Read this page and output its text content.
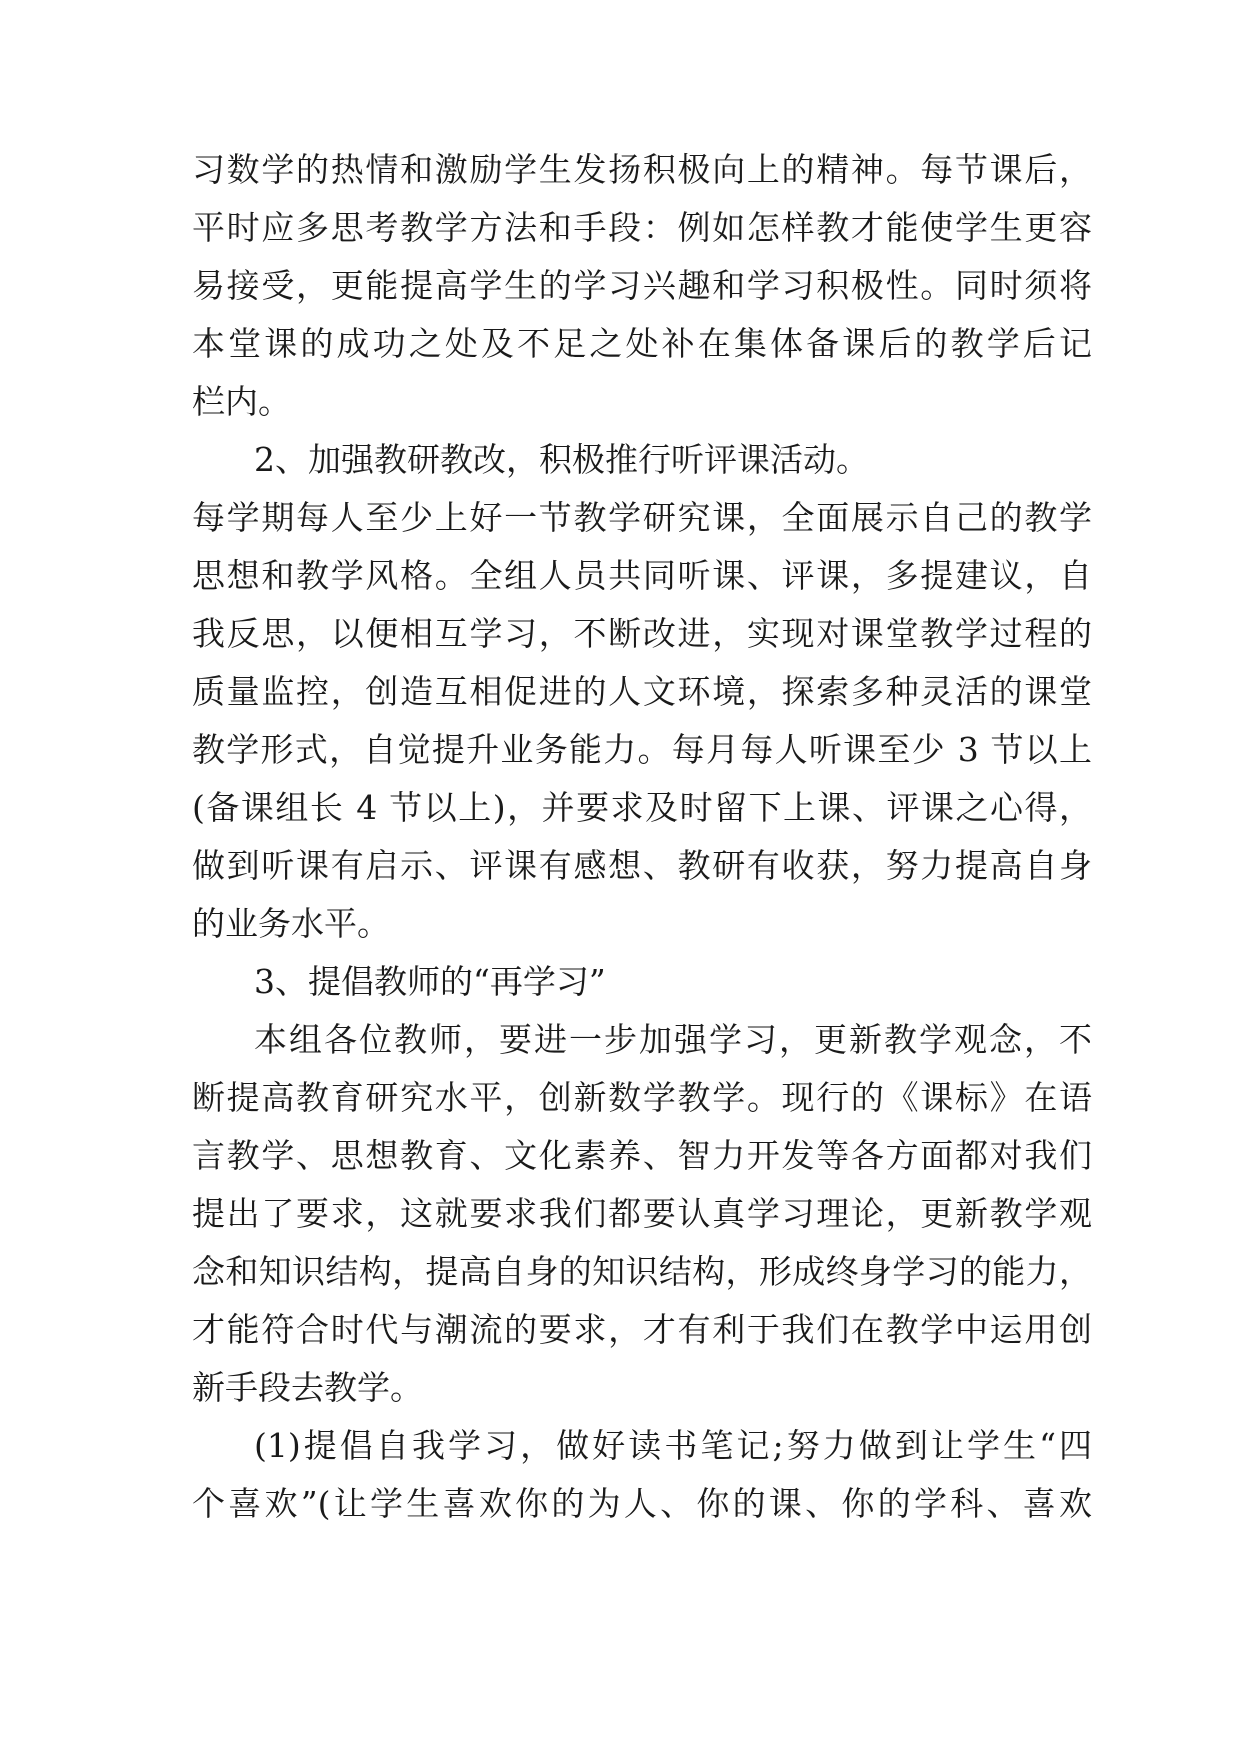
习数学的热情和激励学生发扬积极向上的精神。每节课后，
平时应多思考教学方法和手段：例如怎样教才能使学生更容
易接受，更能提高学生的学习兴趣和学习积极性。同时须将
本堂课的成功之处及不足之处补在集体备课后的教学后记
栏内。
2、加强教研教改，积极推行听评课活动。
每学期每人至少上好一节教学研究课，全面展示自己的教学
思想和教学风格。全组人员共同听课、评课，多提建议，自
我反思，以便相互学习，不断改进，实现对课堂教学过程的
质量监控，创造互相促进的人文环境，探索多种灵活的课堂
教学形式，自觉提升业务能力。每月每人听课至少 3 节以上
(备课组长 4 节以上)，并要求及时留下上课、评课之心得，
做到听课有启示、评课有感想、教研有收获，努力提高自身
的业务水平。
3、提倡教师的“再学习”
本组各位教师，要进一步加强学习，更新教学观念，不
断提高教育研究水平，创新数学教学。现行的《课标》在语
言教学、思想教育、文化素养、智力开发等各方面都对我们
提出了要求，这就要求我们都要认真学习理论，更新教学观
念和知识结构，提高自身的知识结构，形成终身学习的能力，
才能符合时代与潮流的要求，才有利于我们在教学中运用创
新手段去教学。
(1)提倡自我学习，做好读书笔记;努力做到让学生“四
个喜欢”(让学生喜欢你的为人、你的课、你的学科、喜欢
